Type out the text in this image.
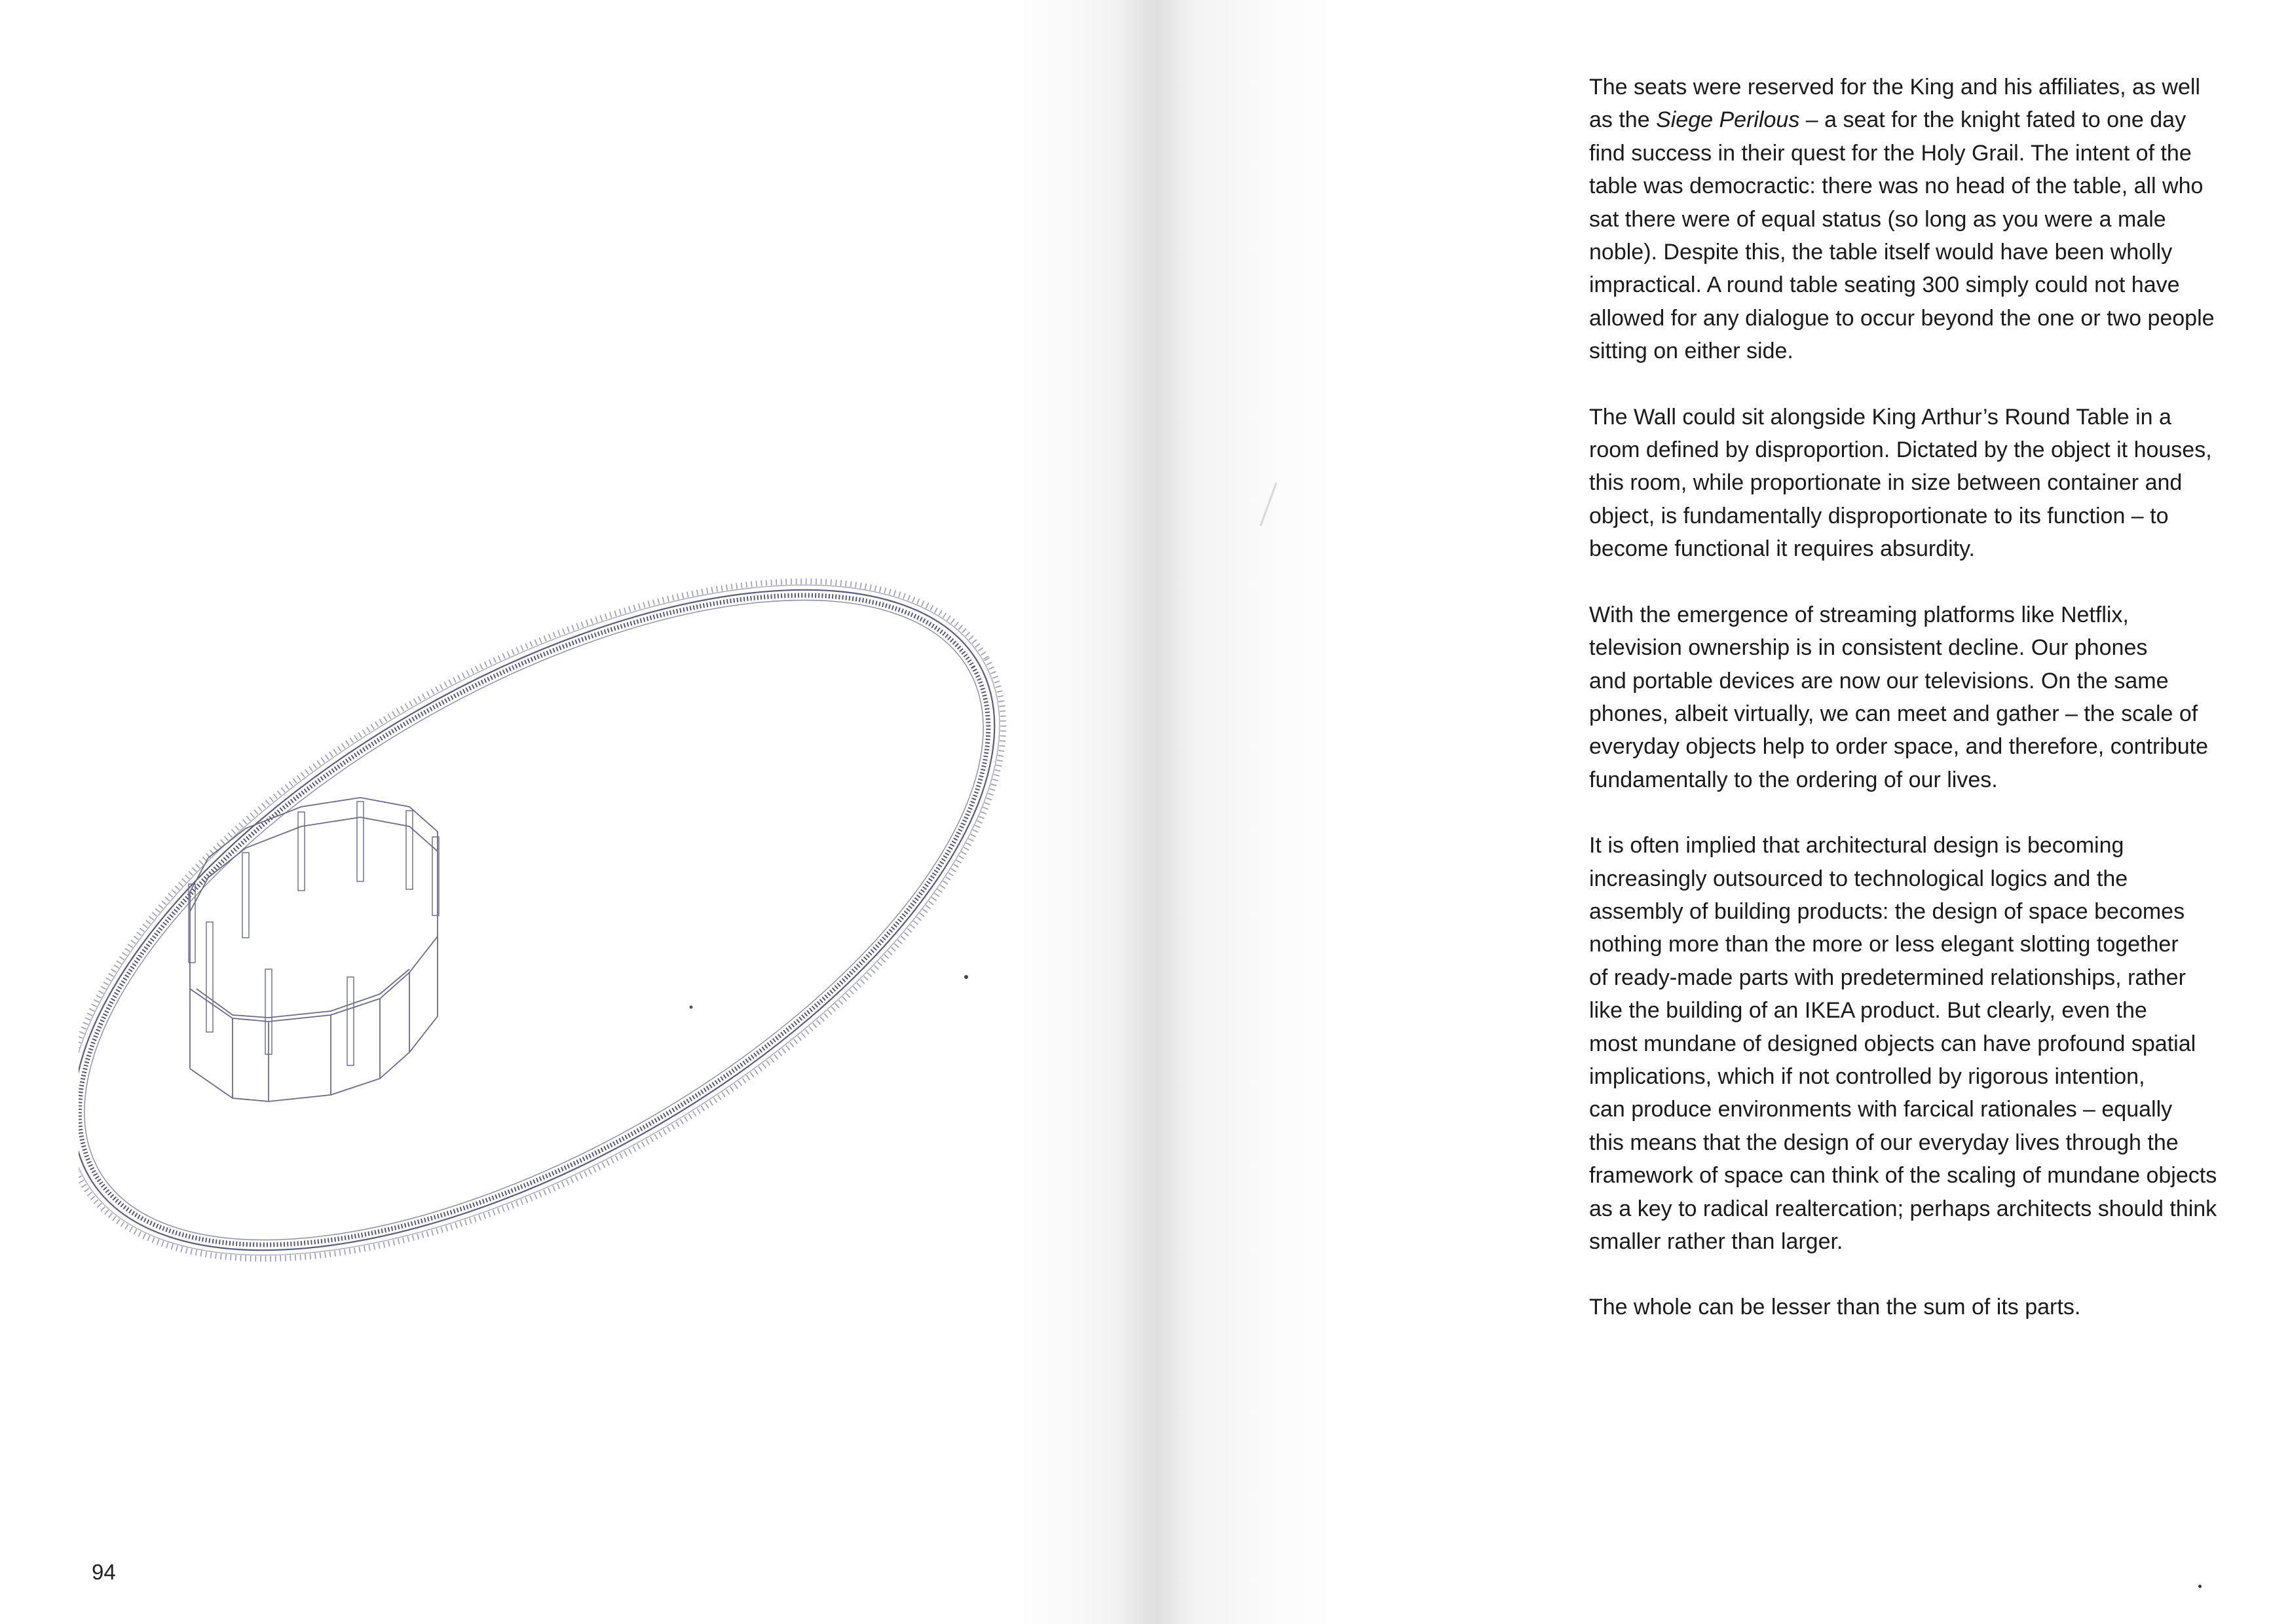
94
The seats were reserved for the King and his affiliates, as well
as the Siege Perilous – a seat for the knight fated to one day
find success in their quest for the Holy Grail. The intent of the
table was democractic: there was no head of the table, all who
sat there were of equal status (so long as you were a male
noble). Despite this, the table itself would have been wholly
impractical. A round table seating 300 simply could not have
allowed for any dialogue to occur beyond the one or two people
sitting on either side.
The Wall could sit alongside King Arthur’s Round Table in a
room defined by disproportion. Dictated by the object it houses,
this room, while proportionate in size between container and
object, is fundamentally disproportionate to its function – to
become functional it requires absurdity.
With the emergence of streaming platforms like Netflix,
television ownership is in consistent decline. Our phones
and portable devices are now our televisions. On the same
phones, albeit virtually, we can meet and gather – the scale of
everyday objects help to order space, and therefore, contribute
fundamentally to the ordering of our lives.
It is often implied that architectural design is becoming
increasingly outsourced to technological logics and the
assembly of building products: the design of space becomes
nothing more than the more or less elegant slotting together
of ready-made parts with predetermined relationships, rather
like the building of an IKEA product. But clearly, even the
most mundane of designed objects can have profound spatial
implications, which if not controlled by rigorous intention,
can produce environments with farcical rationales – equally
this means that the design of our everyday lives through the
framework of space can think of the scaling of mundane objects
as a key to radical realtercation; perhaps architects should think
smaller rather than larger.
The whole can be lesser than the sum of its parts.
